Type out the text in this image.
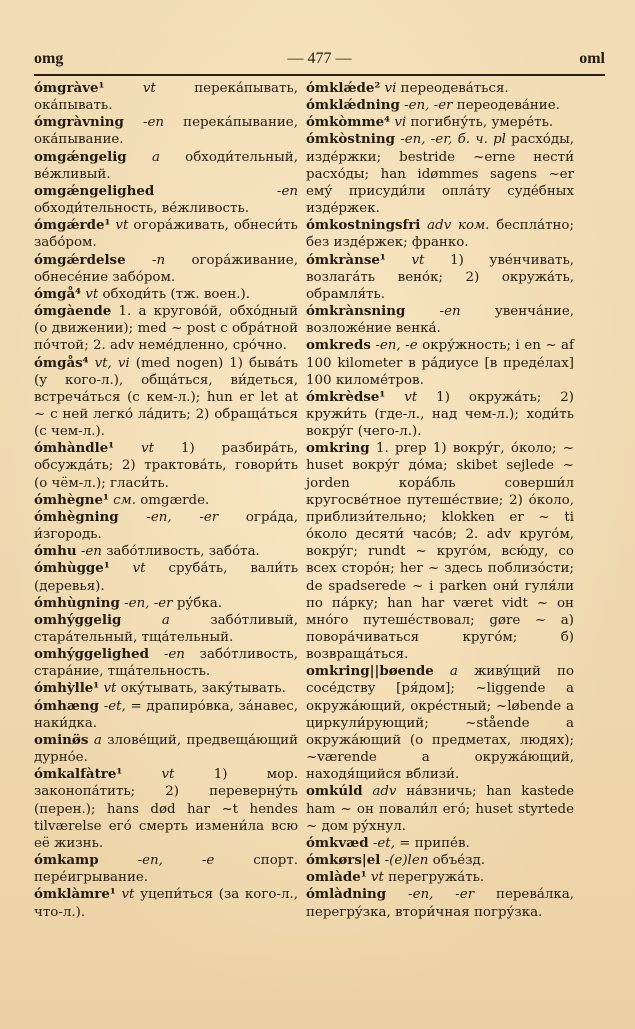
omg	— 477 —	oml

ómgràve¹	vt	перека́пывать, ока́пывать.

ómgràvning -en перека́пывание, ока́пывание.

omgǽngelig a обходи́тельный, ве́жливый.

omgǽngelighed	-en обходи́тельность, ве́жливость.

ómgǽrde¹ vt огора́живать, обнеси́ть забо́ром.

ómgǽrdelse -n огора́живание, обнесе́ние забо́ром.

ómgå⁴ vt обходи́ть (тж. воен.).

ómgàende 1. a кругово́й, обхо́дный (о движении); med ~ post с обра́тной по́чтой; 2. adv неме́дленно, сро́чно.

ómgås⁴ vt, vi (med nogen) 1) быва́ть (у кого-л.), обща́ться, ви́деться, встреча́ться (с кем-л.); hun er let at ~ с ней легко́ ла́дить; 2) обраща́ться (с чем-л.).

ómhàndle¹ vt 1) разбира́ть, обсужда́ть; 2) трактова́ть, говори́ть (о чём-л.); гласи́ть.

ómhègne¹ см. omgærde.

ómhègning -en, -er огра́да, и́згородь.

ómhu -en забо́тливость, забо́та.

ómhùgge¹ vt сруба́ть, вали́ть (деревья).

ómhùgning -en, -er ру́бка.

omhýggelig	a	забо́тливый, стара́тельный, тща́тельный.

omhýggelighed -en забо́тливость, стара́ние, тща́тельность.

ómhỳlle¹ vt оку́тывать, заку́тывать.

ómhæng -et, = драпиро́вка, за́навес, наки́дка.

ominø̈s a злове́щий, предвеща́ющий дурно́е.

ómkalfàtre¹	vt	1) мор. законопа́тить; 2) переверну́ть (перен.); hans død har ~t hendes tilværelse его́ смерть измени́ла всю её жизнь.

ómkamp	-en, -e	спорт. пере́игрывание.

ómklàmre¹ vt уцепи́ться (за кого-л., что-л.).

ómklǽde² vi переодева́ться.

ómklǽdning -en, -er переодева́ние.

ómkòmme⁴ vi погибну́ть, умере́ть.

ómkòstning -en, -er, б. ч. pl расхо́ды, изде́ржки; bestride ~erne нести́ расхо́ды; han idømmes sagens ~er ему́ присуди́ли опла́ту суде́бных изде́ржек.

ómkostningsfri adv ком. беспла́тно; без изде́ржек; франко.

ómkrànse¹ vt 1) уве́нчивать, возлага́ть вено́к; 2) окружа́ть, обрамля́ть.

ómkrànsning	-en	увенча́ние, возложе́ние венка́.

omkreds -en, -e окру́жность; i en ~ af 100 kilometer в ра́диусе [в преде́лах] 100 киломе́тров.

ómkrèdse¹ vt 1) окружа́ть; 2) кружи́ть (где-л., над чем-л.); ходи́ть вокру́г (чего-л.).

omkring 1. prep 1) вокру́г, о́коло; ~ huset вокру́г до́ма; skibet sejlede ~ jorden кора́бль соверши́л кругосве́тное путеше́ствие; 2) о́коло, приблизи́тельно; klokken er ~ ti о́коло десяти́ часо́в; 2. adv круго́м, вокру́г; rundt ~ круго́м, всю́ду, со всех сторо́н; her ~ здесь поблизо́сти; de spadserede ~ i parken они́ гуля́ли по па́рку; han har været vidt ~ он мно́го путеше́ствовал; gøre ~ а) повора́чиваться круго́м; б) возвраща́ться.

omkring||bøende a живу́щий по сосе́дству [ря́дом]; ~liggende a окружа́ющий, окре́стный; ~løbende a циркули́рующий; ~stående a окружа́ющий (о предметах, людях); ~værende a окружа́ющий, находя́щийся вблизи́.

omkúld adv на́взничь; han kastede ham ~ он повали́л его́; huset styrtede ~ дом ру́хнул.

ómkvæd -et, = припе́в.

ómkørs|el -(e)len объе́зд.

omlàde¹ vt перегружа́ть.

ómlàdning -en, -er перева́лка, перегру́зка, втори́чная погру́зка.
